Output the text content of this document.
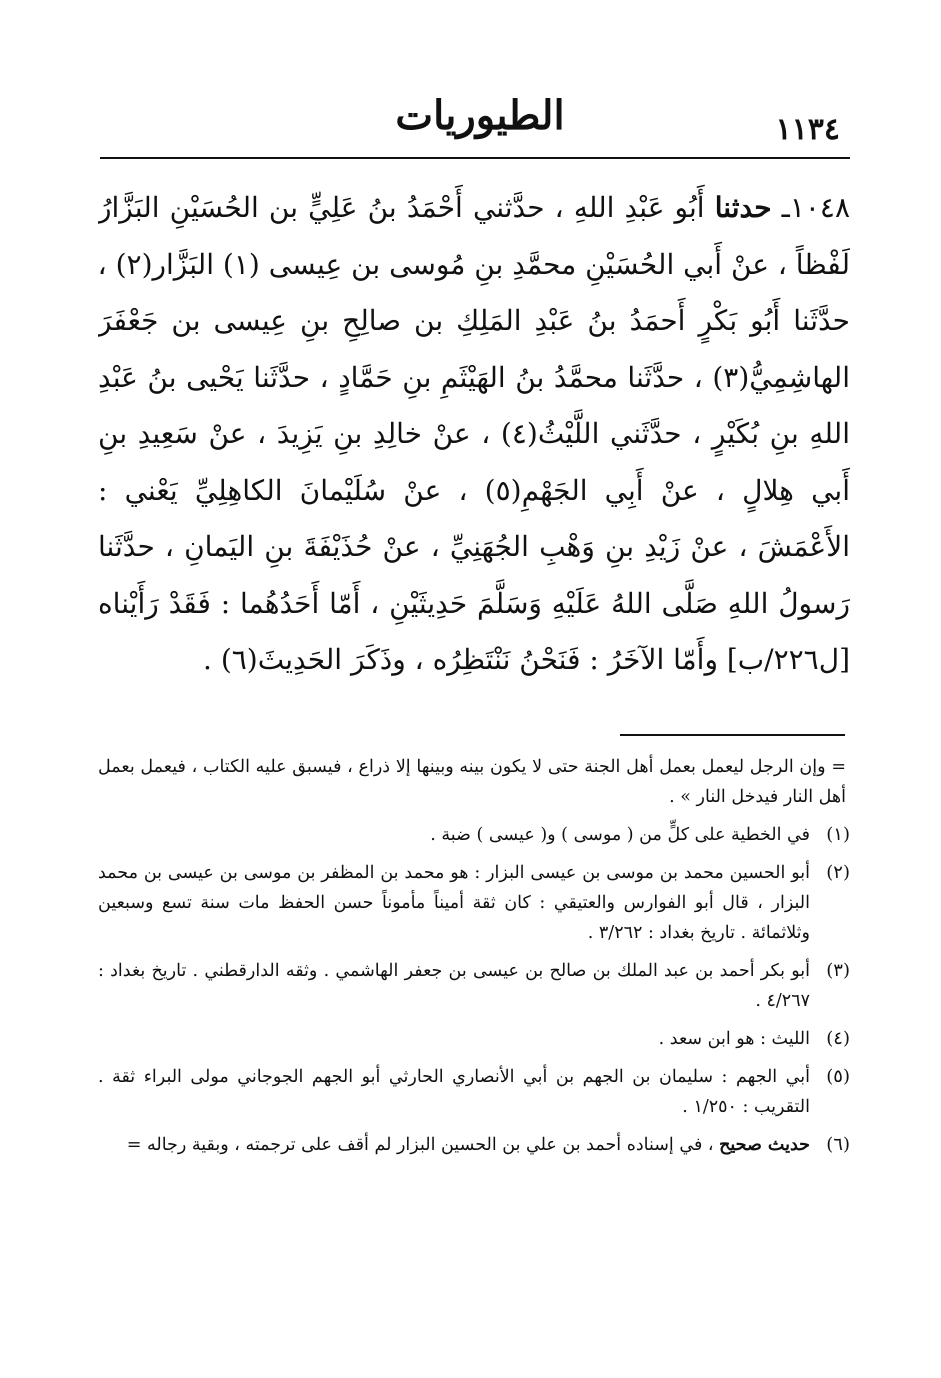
الطيوريات	١١٣٤
١٠٤٨ـ حدثنا أَبُو عَبْدِ اللهِ ، حدَّثني أَحْمَدُ بنُ عَلِيٍّ بن الحُسَيْنِ البَزَّارُ
لَفْظاً ، عنْ أَبي الحُسَيْنِ محمَّدِ بنِ مُوسى بن عِيسى (١) البَزَّار(٢) ،
حدَّثَنا أَبُو بَكْرٍ أَحمَدُ بنُ عَبْدِ المَلِكِ بن صالِحِ بنِ عِيسى بن جَعْفَرَ
الهاشِمِيُّ(٣) ، حدَّثَنا محمَّدُ بنُ الهَيْثَمِ بنِ حَمَّادٍ ، حدَّثَنا يَحْيى بنُ عَبْدِ
اللهِ بنِ بُكَيْرٍ ، حدَّثَني اللَّيْثُ(٤) ، عنْ خالِدِ بنِ يَزِيدَ ، عنْ سَعِيدِ بنِ
أَبي هِلالٍ ، عنْ أَبِي الجَهْمِ(٥) ، عنْ سُلَيْمانَ الكاهِلِيِّ يَعْني :
الأَعْمَشَ ، عنْ زَيْدِ بنِ وَهْبِ الجُهَنِيِّ ، عنْ حُذَيْفَةَ بنِ اليَمانِ ، حدَّثَنا
رَسولُ اللهِ صَلَّى اللهُ عَلَيْهِ وَسَلَّمَ حَدِيثَيْنِ ، أَمّا أَحَدُهُما : فَقَدْ رَأَيْناه
[ل٢٢٦/ب] وأَمّا الآخَرُ : فَنَحْنُ نَنْتَظِرُه ، وذَكَرَ الحَدِيثَ(٦) .
= وإن الرجل ليعمل بعمل أهل الجنة حتى لا يكون بينه وبينها إلا ذراع ، فيسبق عليه الكتاب ، فيعمل بعمل أهل النار فيدخل النار » .
(١)
في الخطية على كلٍّ من ( موسى ) و( عيسى ) ضبة .
(٢)
أبو الحسين محمد بن موسى بن عيسى البزار : هو محمد بن المظفر بن موسى بن عيسى بن محمد البزار ، قال أبو الفوارس والعتيقي : كان ثقة أميناً مأموناً حسن الحفظ مات سنة تسع وسبعين وثلاثمائة . تاريخ بغداد : ٣/٢٦٢ .
(٣)
أبو بكر أحمد بن عبد الملك بن صالح بن عيسى بن جعفر الهاشمي . وثقه الدارقطني . تاريخ بغداد : ٤/٢٦٧ .
(٤)
الليث : هو ابن سعد .
(٥)
أبي الجهم : سليمان بن الجهم بن أبي الأنصاري الحارثي أبو الجهم الجوجاني مولى البراء ثقة . التقريب : ١/٢٥٠ .
(٦)
حديث صحيح ، في إسناده أحمد بن علي بن الحسين البزار لم أقف على ترجمته ، وبقية رجاله =
